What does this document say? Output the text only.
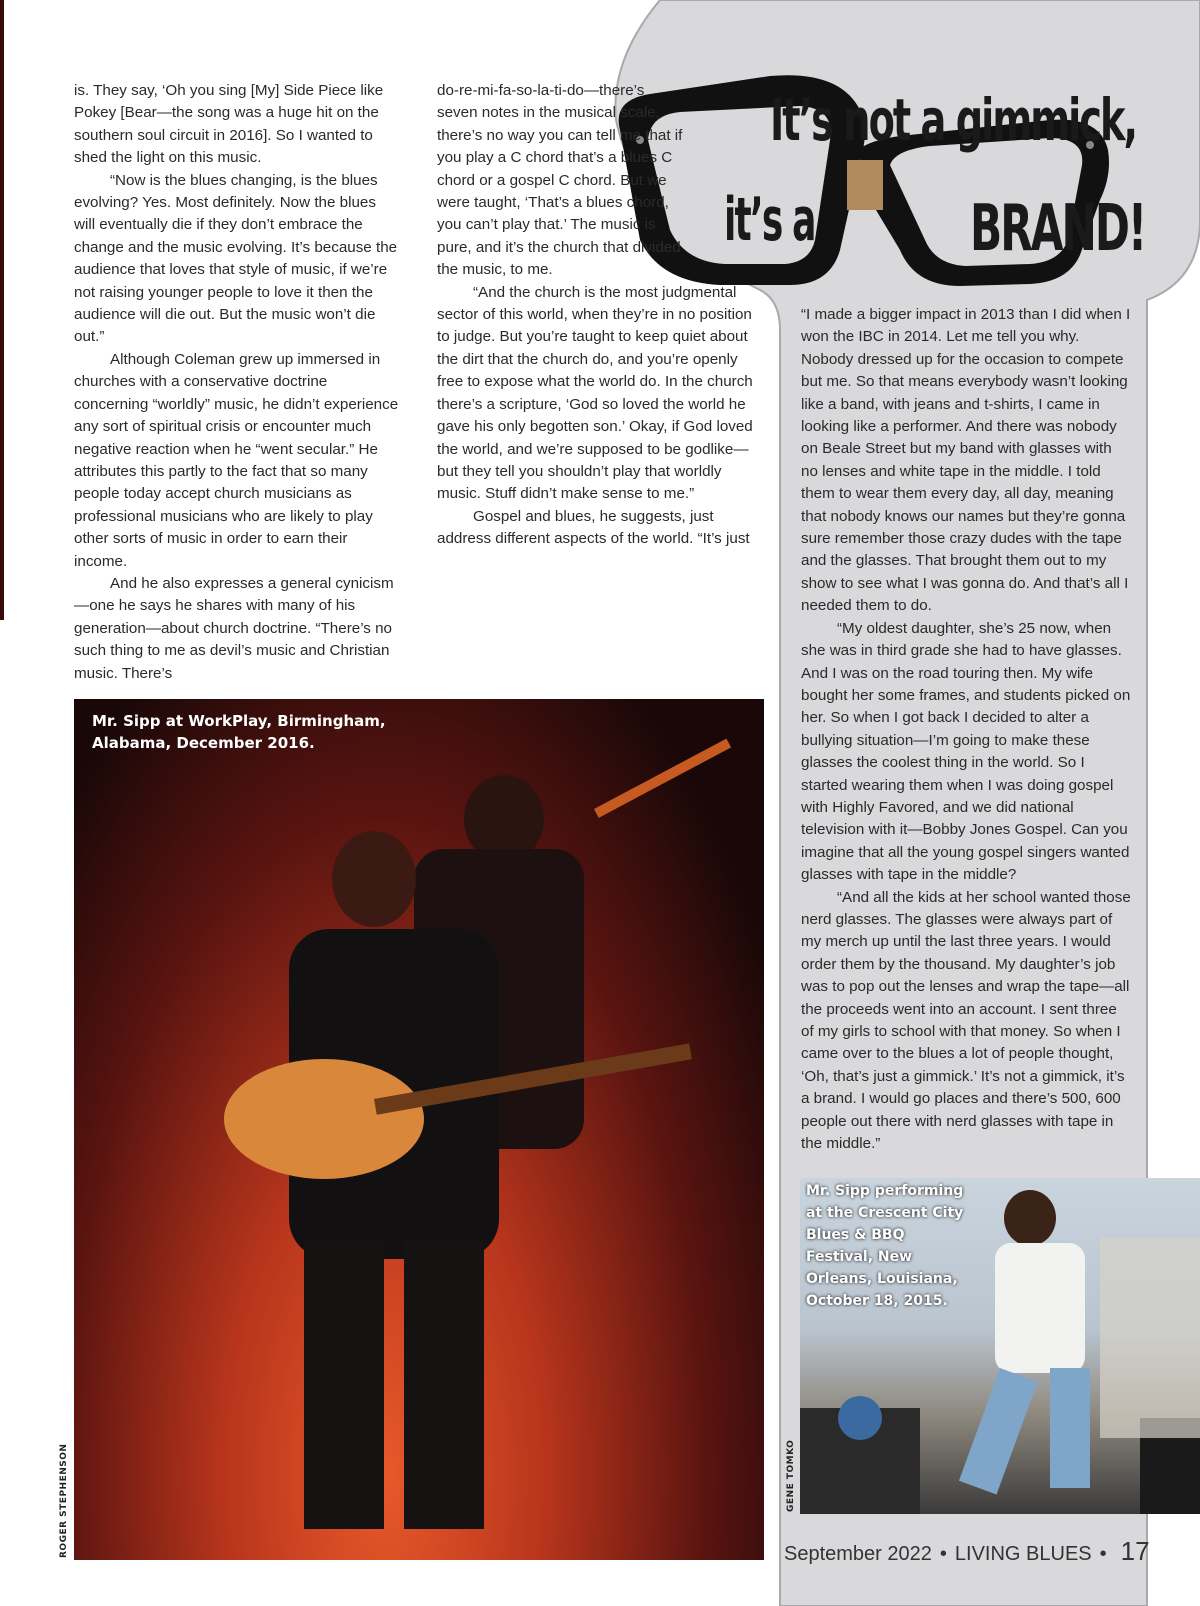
It’s not a gimmick,
it’s a BRAND!

is. They say, ‘Oh you sing [My] Side Piece like Pokey [Bear—the song was a huge hit on the southern soul circuit in 2016]. So I wanted to shed the light on this music.

“Now is the blues changing, is the blues evolving? Yes. Most definitely. Now the blues will eventually die if they don’t embrace the change and the music evolving. It’s because the audience that loves that style of music, if we’re not raising younger people to love it then the audience will die out. But the music won’t die out.”

Although Coleman grew up immersed in churches with a conservative doctrine concerning “worldly” music, he didn’t experience any sort of spiritual crisis or encounter much negative reaction when he “went secular.” He attributes this partly to the fact that so many people today accept church musicians as professional musicians who are likely to play other sorts of music in order to earn their income.

And he also expresses a general cynicism—one he says he shares with many of his generation—about church doctrine. “There’s no such thing to me as devil’s music and Christian music. There’s

do-re-mi-fa-so-la-ti-do—there’s seven notes in the musical scale, there’s no way you can tell me that if you play a C chord that’s a blues C chord or a gospel C chord. But we were taught, ‘That’s a blues chord, you can’t play that.’ The music is pure, and it’s the church that divided the music, to me.

“And the church is the most judgmental sector of this world, when they’re in no position to judge. But you’re taught to keep quiet about the dirt that the church do, and you’re openly free to expose what the world do. In the church there’s a scripture, ‘God so loved the world he gave his only begotten son.’ Okay, if God loved the world, and we’re supposed to be godlike—but they tell you shouldn’t play that worldly music. Stuff didn’t make sense to me.”

Gospel and blues, he suggests, just address different aspects of the world. “It’s just

“I made a bigger impact in 2013 than I did when I won the IBC in 2014. Let me tell you why. Nobody dressed up for the occasion to compete but me. So that means everybody wasn’t looking like a band, with jeans and t-shirts, I came in looking like a performer. And there was nobody on Beale Street but my band with glasses with no lenses and white tape in the middle. I told them to wear them every day, all day, meaning that nobody knows our names but they’re gonna sure remember those crazy dudes with the tape and the glasses. That brought them out to my show to see what I was gonna do. And that’s all I needed them to do.

“My oldest daughter, she’s 25 now, when she was in third grade she had to have glasses. And I was on the road touring then. My wife bought her some frames, and students picked on her. So when I got back I decided to alter a bullying situation—I’m going to make these glasses the coolest thing in the world. So I started wearing them when I was doing gospel with Highly Favored, and we did national television with it—Bobby Jones Gospel. Can you imagine that all the young gospel singers wanted glasses with tape in the middle?

“And all the kids at her school wanted those nerd glasses. The glasses were always part of my merch up until the last three years. I would order them by the thousand. My daughter’s job was to pop out the lenses and wrap the tape—all the proceeds went into an account. I sent three of my girls to school with that money. So when I came over to the blues a lot of people thought, ‘Oh, that’s just a gimmick.’ It’s not a gimmick, it’s a brand. I would go places and there’s 500, 600 people out there with nerd glasses with tape in the middle.”

Mr. Sipp at WorkPlay, Birmingham, Alabama, December 2016.
Mr. Sipp performing at the Crescent City Blues & BBQ Festival, New Orleans, Louisiana, October 18, 2015.
ROGER STEPHENSON	GENE TOMKO
September 2022 • LIVING BLUES • 17
